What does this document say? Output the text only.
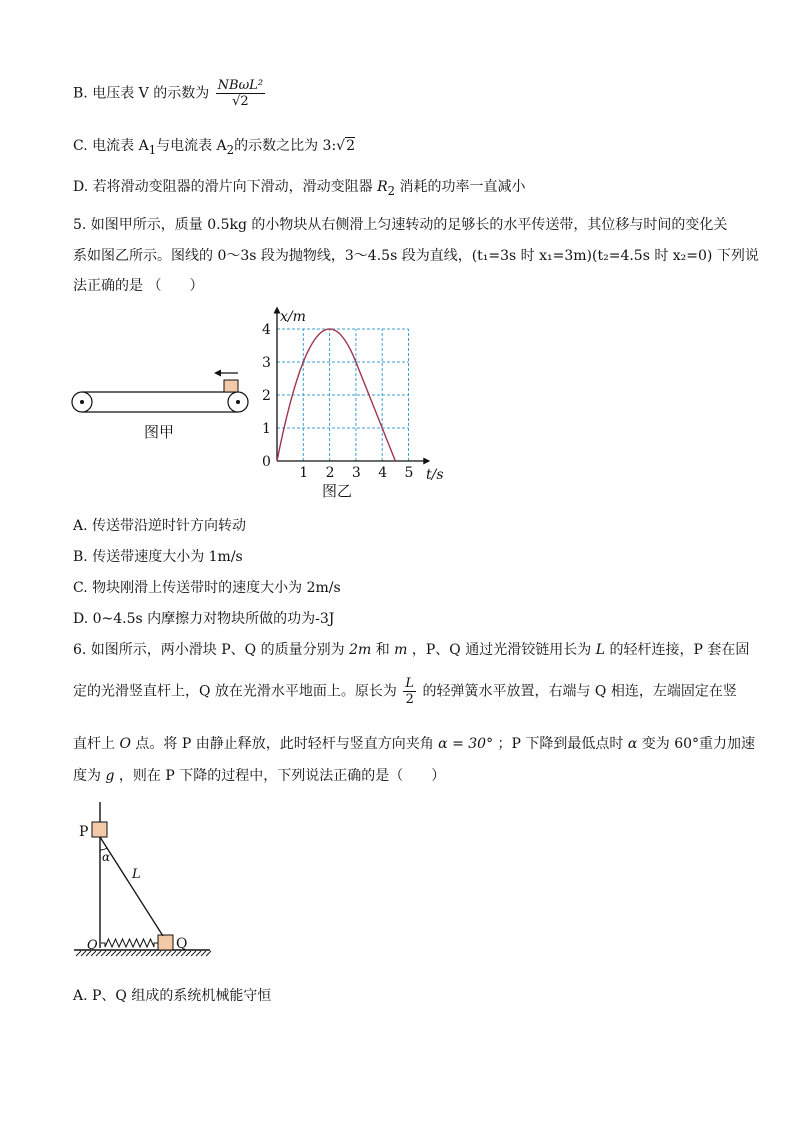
B. 电压表 V 的示数为 $\frac{\text{NBωL²}}{√2}$
C. 电流表 $A_1$与电流表 $A_2$的示数之比为 3:√2
D. 若将滑动变阻器的滑片向下滑动，滑动变阻器 $R_2$ 消耗的功率一直减小
5. 如图甲所示，质量 0.5kg 的小物块从右侧滑上匀速转动的足够长的水平传送带，其位移与时间的变化关
系如图乙所示。图线的 0～3s 段为抛物线，3～4.5s 段为直线，(t₁=3s 时 x₁=3m)(t₂=4.5s 时 x₂=0) 下列说
法正确的是 （　　）
图甲
0
1 2 3 4 5
1
2
3
4
x/m
t/s
图乙
A. 传送带沿逆时针方向转动
B. 传送带速度大小为 1m/s
C. 物块刚滑上传送带时的速度大小为 2m/s
D. 0~4.5s 内摩擦力对物块所做的功为-3J
6. 如图所示，两小滑块 P、Q 的质量分别为 2m 和 m ，P、Q 通过光滑铰链用长为 L 的轻杆连接，P 套在固
定的光滑竖直杆上，Q 放在光滑水平地面上。原长为 $\frac{L}{2}$ 的轻弹簧水平放置，右端与 Q 相连，左端固定在竖
直杆上 O 点。将 P 由静止释放，此时轻杆与竖直方向夹角 α = 30° ；P 下降到最低点时 α 变为 60°重力加速
度为 g ，则在 P 下降的过程中，下列说法正确的是（　　）
P
Q
O
L
α
A. P、Q 组成的系统机械能守恒
